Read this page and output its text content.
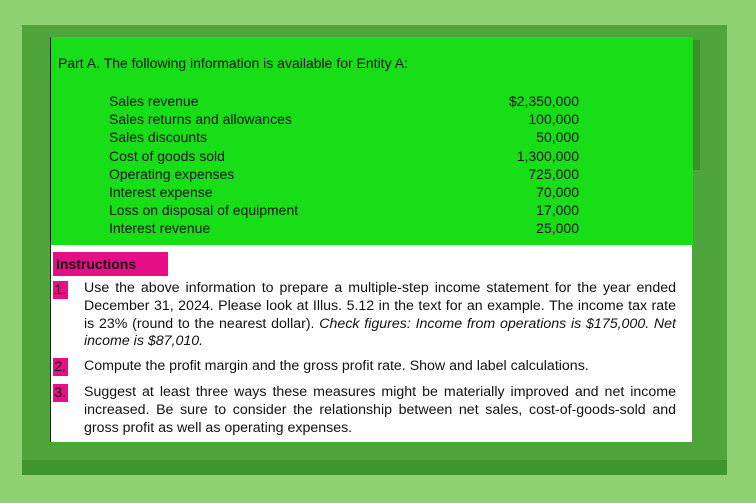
Part A. The following information is available for Entity A:
Sales revenue	$2,350,000
Sales returns and allowances	100,000
Sales discounts	50,000
Cost of goods sold	1,300,000
Operating expenses	725,000
Interest expense	70,000
Loss on disposal of equipment	17,000
Interest revenue	25,000
Instructions
1. Use the above information to prepare a multiple-step income statement for the year ended December 31, 2024. Please look at Illus. 5.12 in the text for an example. The income tax rate is 23% (round to the nearest dollar). Check figures: Income from operations is $175,000. Net income is $87,010.
2. Compute the profit margin and the gross profit rate. Show and label calculations.
3. Suggest at least three ways these measures might be materially improved and net income increased. Be sure to consider the relationship between net sales, cost-of-goods-sold and gross profit as well as operating expenses.
